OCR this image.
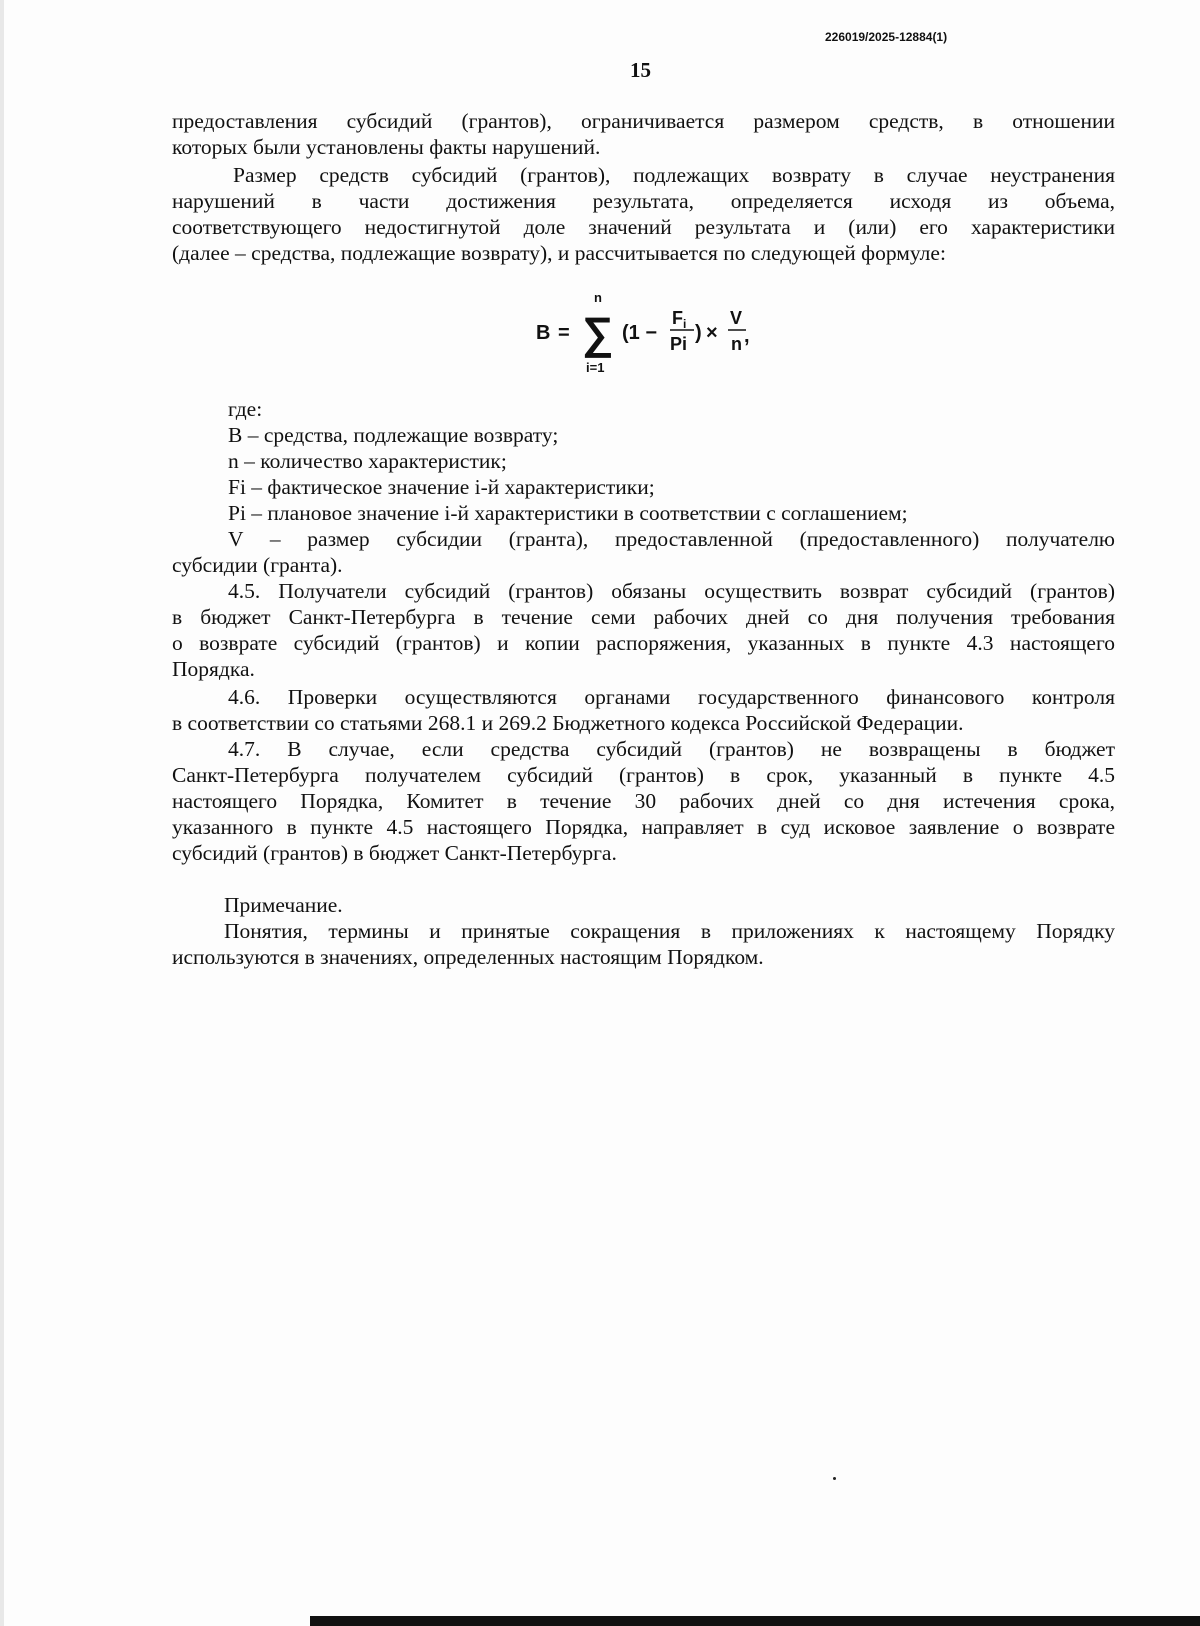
226019/2025-12884(1)
15
предоставления субсидий (грантов), ограничивается размером средств, в отношении
которых были установлены факты нарушений.
Размер средств субсидий (грантов), подлежащих возврату в случае неустранения
нарушений в части достижения результата, определяется исходя из объема,
соответствующего недостигнутой доле значений результата и (или) его характеристики
(далее – средства, подлежащие возврату), и рассчитывается по следующей формуле:
В = ∑
n
i=1
(1 −
F i
Pi ) ×
V
n ,
где:
В – средства, подлежащие возврату;
n – количество характеристик;
Fi – фактическое значение i-й характеристики;
Pi – плановое значение i-й характеристики в соответствии с соглашением;
V – размер субсидии (гранта), предоставленной (предоставленного) получателю
субсидии (гранта).
4.5. Получатели субсидий (грантов) обязаны осуществить возврат субсидий (грантов)
в бюджет Санкт-Петербурга в течение семи рабочих дней со дня получения требования
о возврате субсидий (грантов) и копии распоряжения, указанных в пункте 4.3 настоящего
Порядка.
4.6. Проверки осуществляются органами государственного финансового контроля
в соответствии со статьями 268.1 и 269.2 Бюджетного кодекса Российской Федерации.
4.7. В случае, если средства субсидий (грантов) не возвращены в бюджет
Санкт-Петербурга получателем субсидий (грантов) в срок, указанный в пункте 4.5
настоящего Порядка, Комитет в течение 30 рабочих дней со дня истечения срока,
указанного в пункте 4.5 настоящего Порядка, направляет в суд исковое заявление о возврате
субсидий (грантов) в бюджет Санкт-Петербурга.
Примечание.
Понятия, термины и принятые сокращения в приложениях к настоящему Порядку
используются в значениях, определенных настоящим Порядком.
